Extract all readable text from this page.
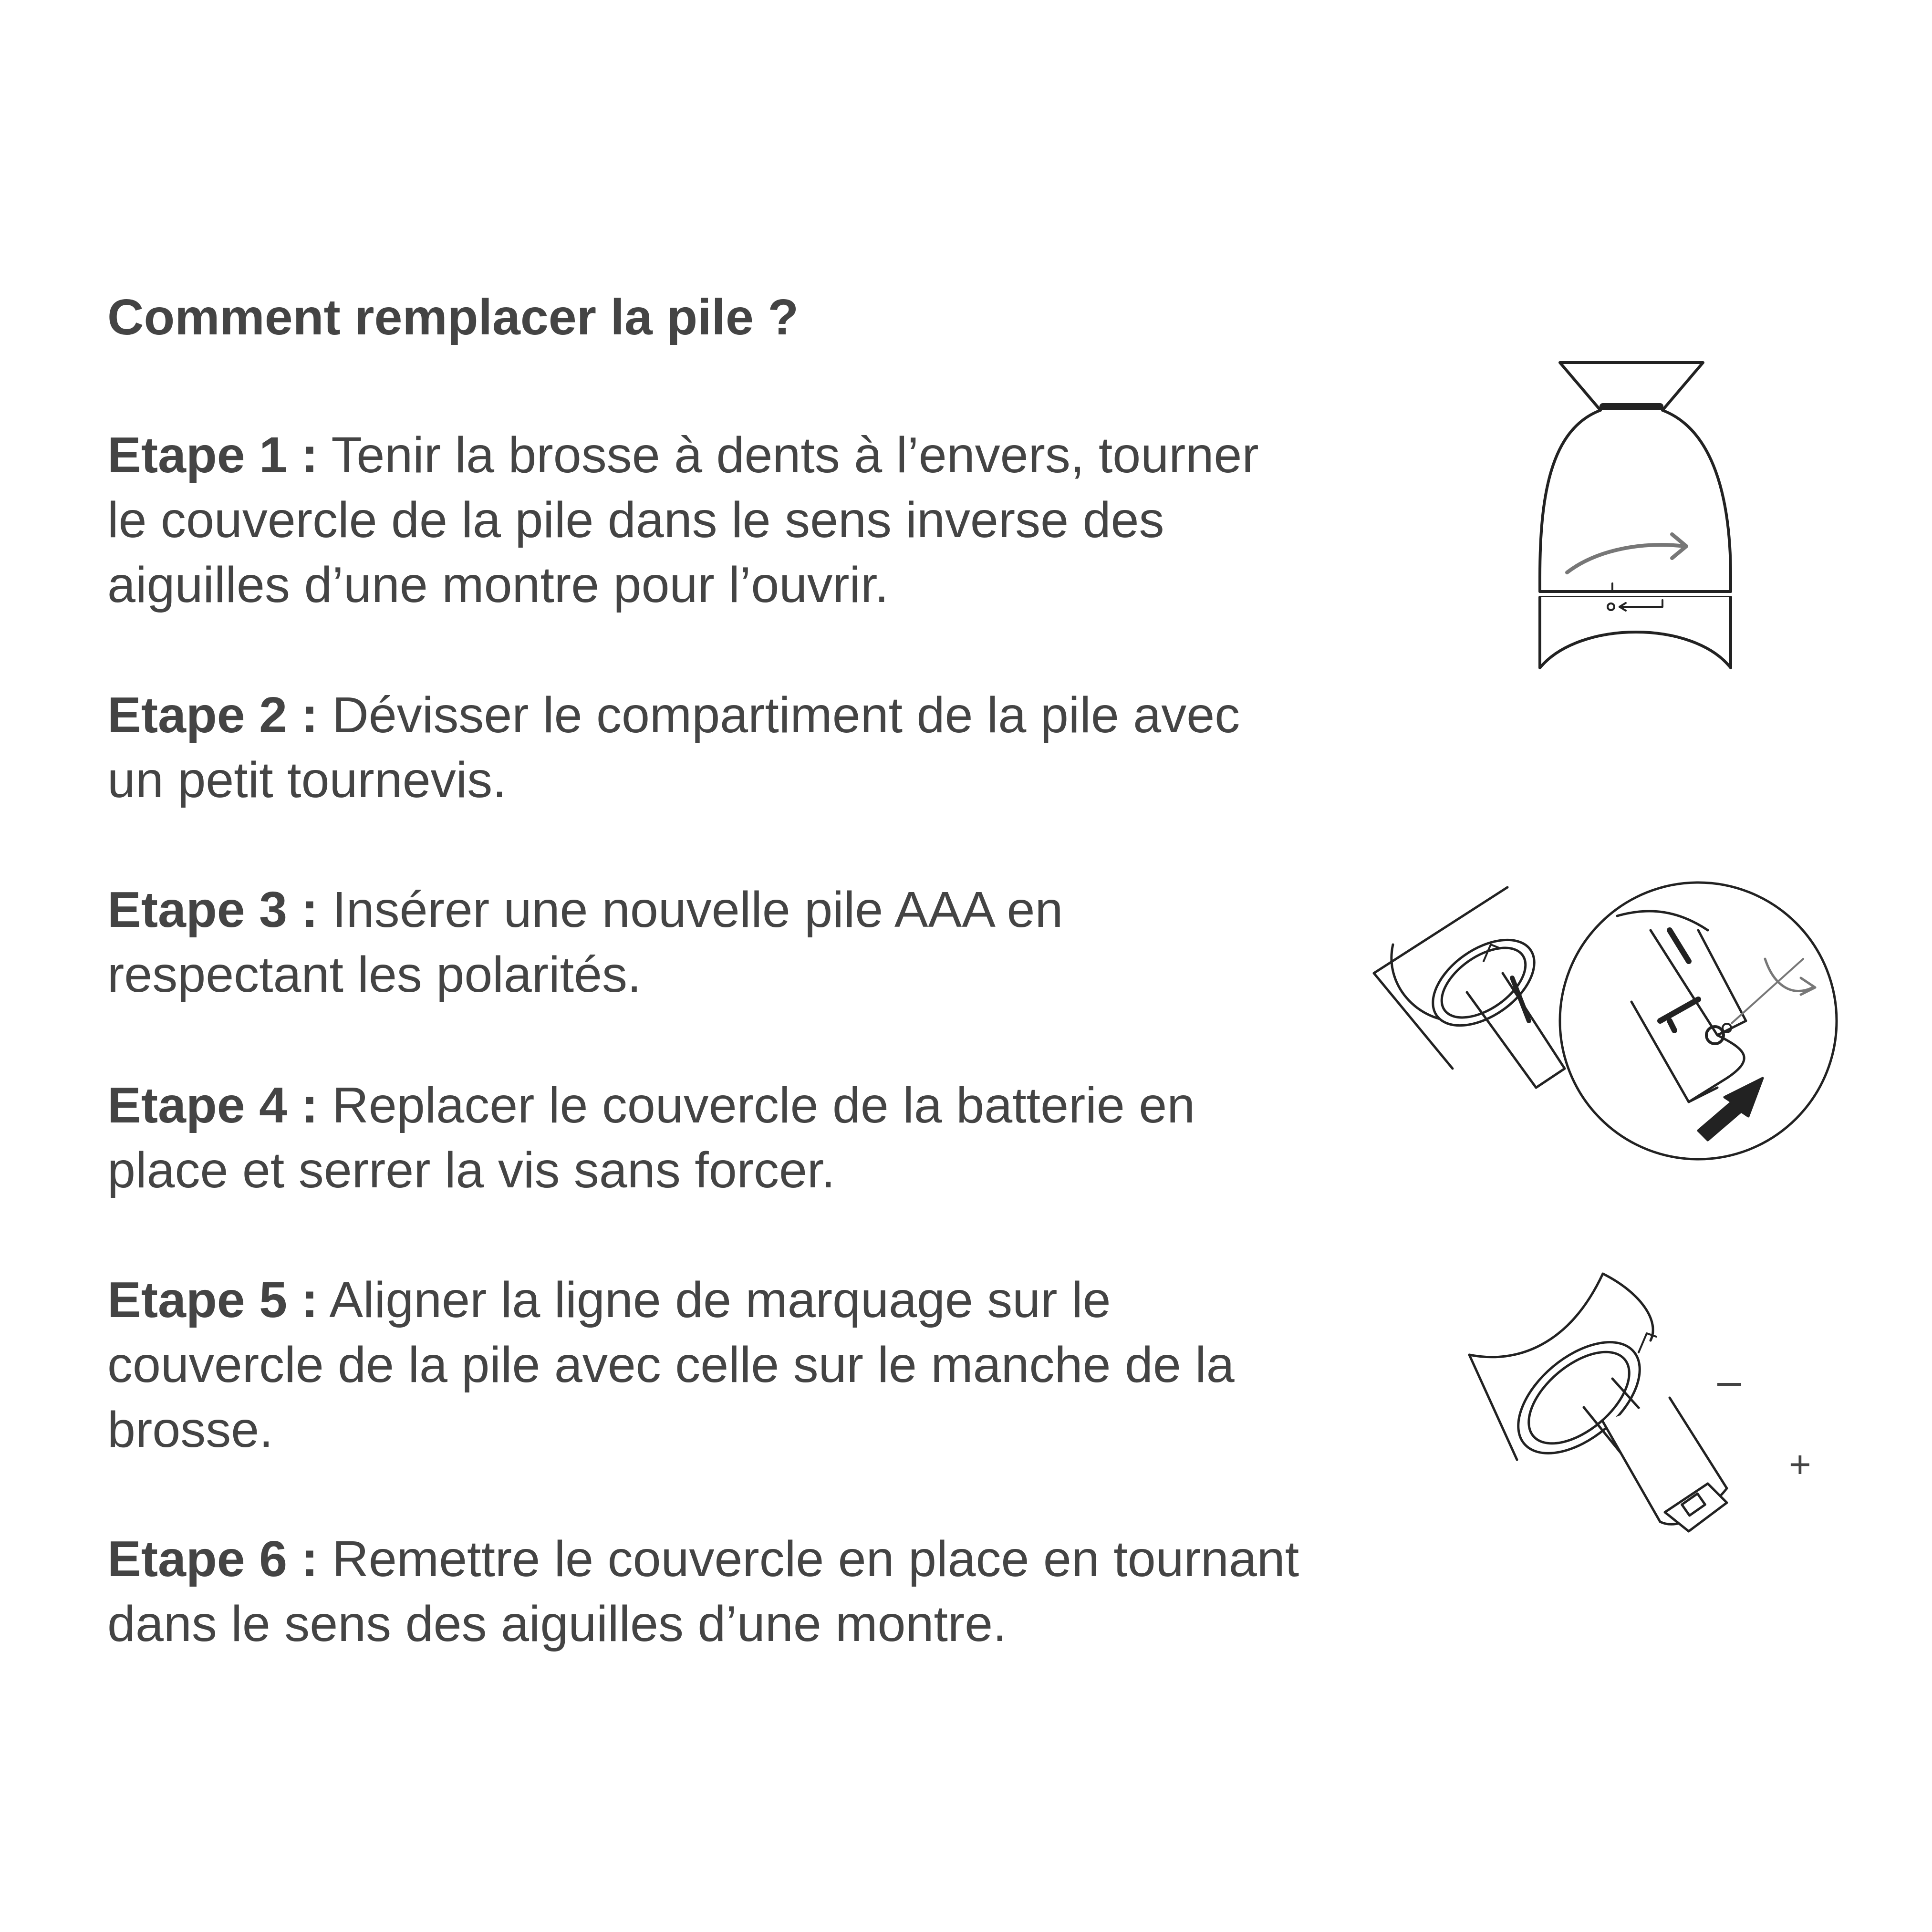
Comment remplacer la pile ?
Etape 1 : Tenir la brosse à dents à l’envers, tourner
le couvercle de la pile dans le sens inverse des
aiguilles d’une montre pour l’ouvrir.
Etape 2 : Dévisser le compartiment de la pile avec
un petit tournevis.
Etape 3 : Insérer une nouvelle pile AAA en
respectant les polarités.
Etape 4 : Replacer le couvercle de la batterie en
place et serrer la vis sans forcer.
Etape 5 : Aligner la ligne de marquage sur le
couvercle de la pile avec celle sur le manche de la
brosse.
Etape 6 : Remettre le couvercle en place en tournant
dans le sens des aiguilles d’une montre.
–
+
